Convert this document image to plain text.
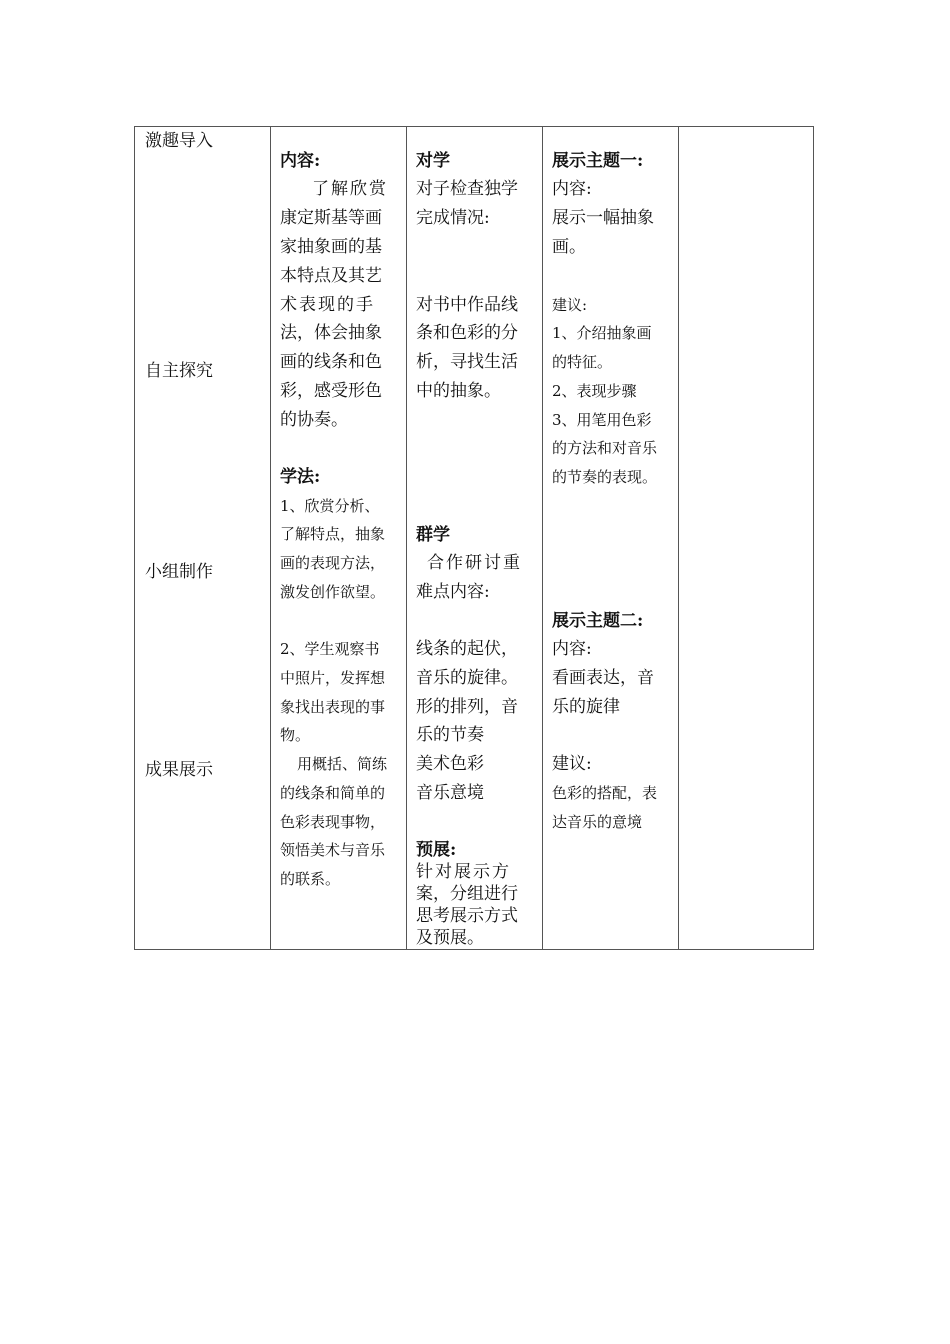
激趣导入
自主探究
小组制作
成果展示
内容:
了解欣赏
康定斯基等画
家抽象画的基
本特点及其艺
术表现的手
法，体会抽象
画的线条和色
彩，感受形色
的协奏。
学法:
1、欣赏分析、
了解特点，抽象
画的表现方法，
激发创作欲望。
2、学生观察书
中照片，发挥想
象找出表现的事
物。
用概括、简练
的线条和简单的
色彩表现事物，
领悟美术与音乐
的联系。
对学
对子检查独学
完成情况:
对书中作品线
条和色彩的分
析，寻找生活
中的抽象。
群学
合作研讨重
难点内容:
线条的起伏，
音乐的旋律。
形的排列，音
乐的节奏
美术色彩
音乐意境
预展:
针对展示方
案，分组进行
思考展示方式
及预展。
展示主题一:
内容:
展示一幅抽象
画。
建议:
1、介绍抽象画
的特征。
2、表现步骤
3、用笔用色彩
的方法和对音乐
的节奏的表现。
展示主题二:
内容:
看画表达，音
乐的旋律
建议:
色彩的搭配，表
达音乐的意境
